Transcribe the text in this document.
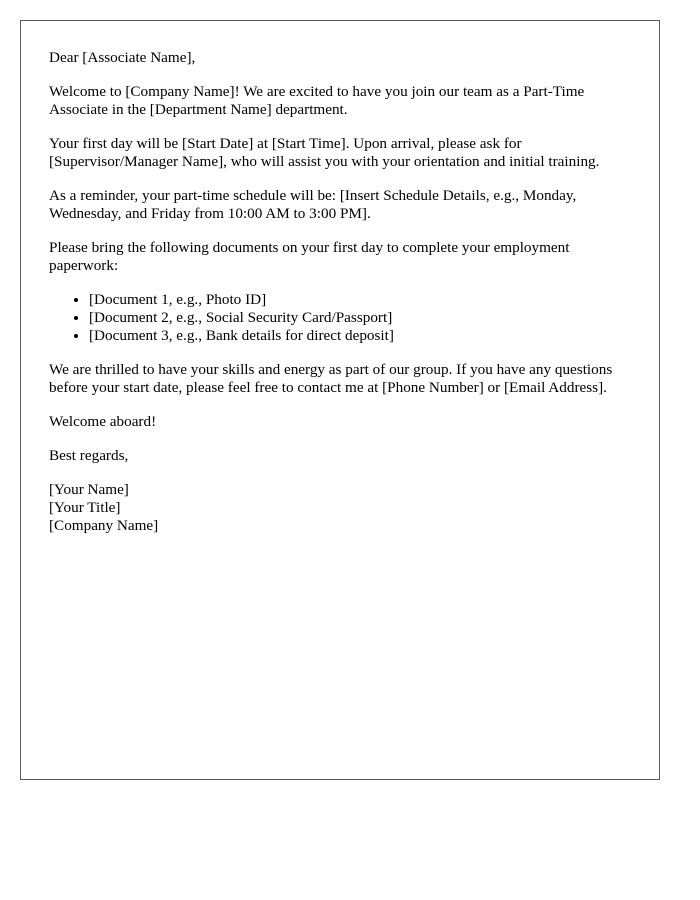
Dear [Associate Name],

Welcome to [Company Name]! We are excited to have you join our team as a Part-Time Associate in the [Department Name] department.

Your first day will be [Start Date] at [Start Time]. Upon arrival, please ask for [Supervisor/Manager Name], who will assist you with your orientation and initial training.

As a reminder, your part-time schedule will be: [Insert Schedule Details, e.g., Monday, Wednesday, and Friday from 10:00 AM to 3:00 PM].

Please bring the following documents on your first day to complete your employment paperwork:

• [Document 1, e.g., Photo ID]
• [Document 2, e.g., Social Security Card/Passport]
• [Document 3, e.g., Bank details for direct deposit]

We are thrilled to have your skills and energy as part of our group. If you have any questions before your start date, please feel free to contact me at [Phone Number] or [Email Address].

Welcome aboard!

Best regards,

[Your Name]
[Your Title]
[Company Name]
